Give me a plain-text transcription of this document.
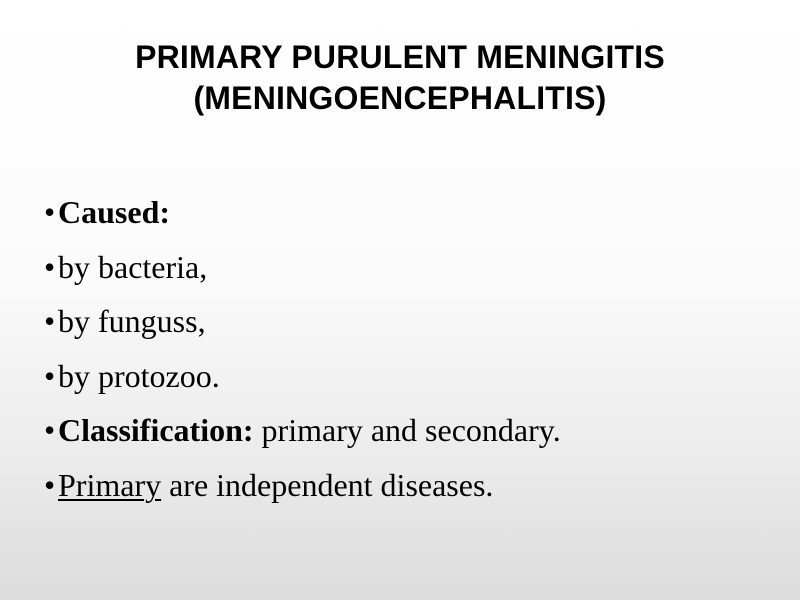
PRIMARY PURULENT MENINGITIS
(MENINGOENCEPHALITIS)
•Caused:
•by bacteria,
•by funguss,
•by protozoo.
•Classification: primary and secondary.
•Primary are independent diseases.
